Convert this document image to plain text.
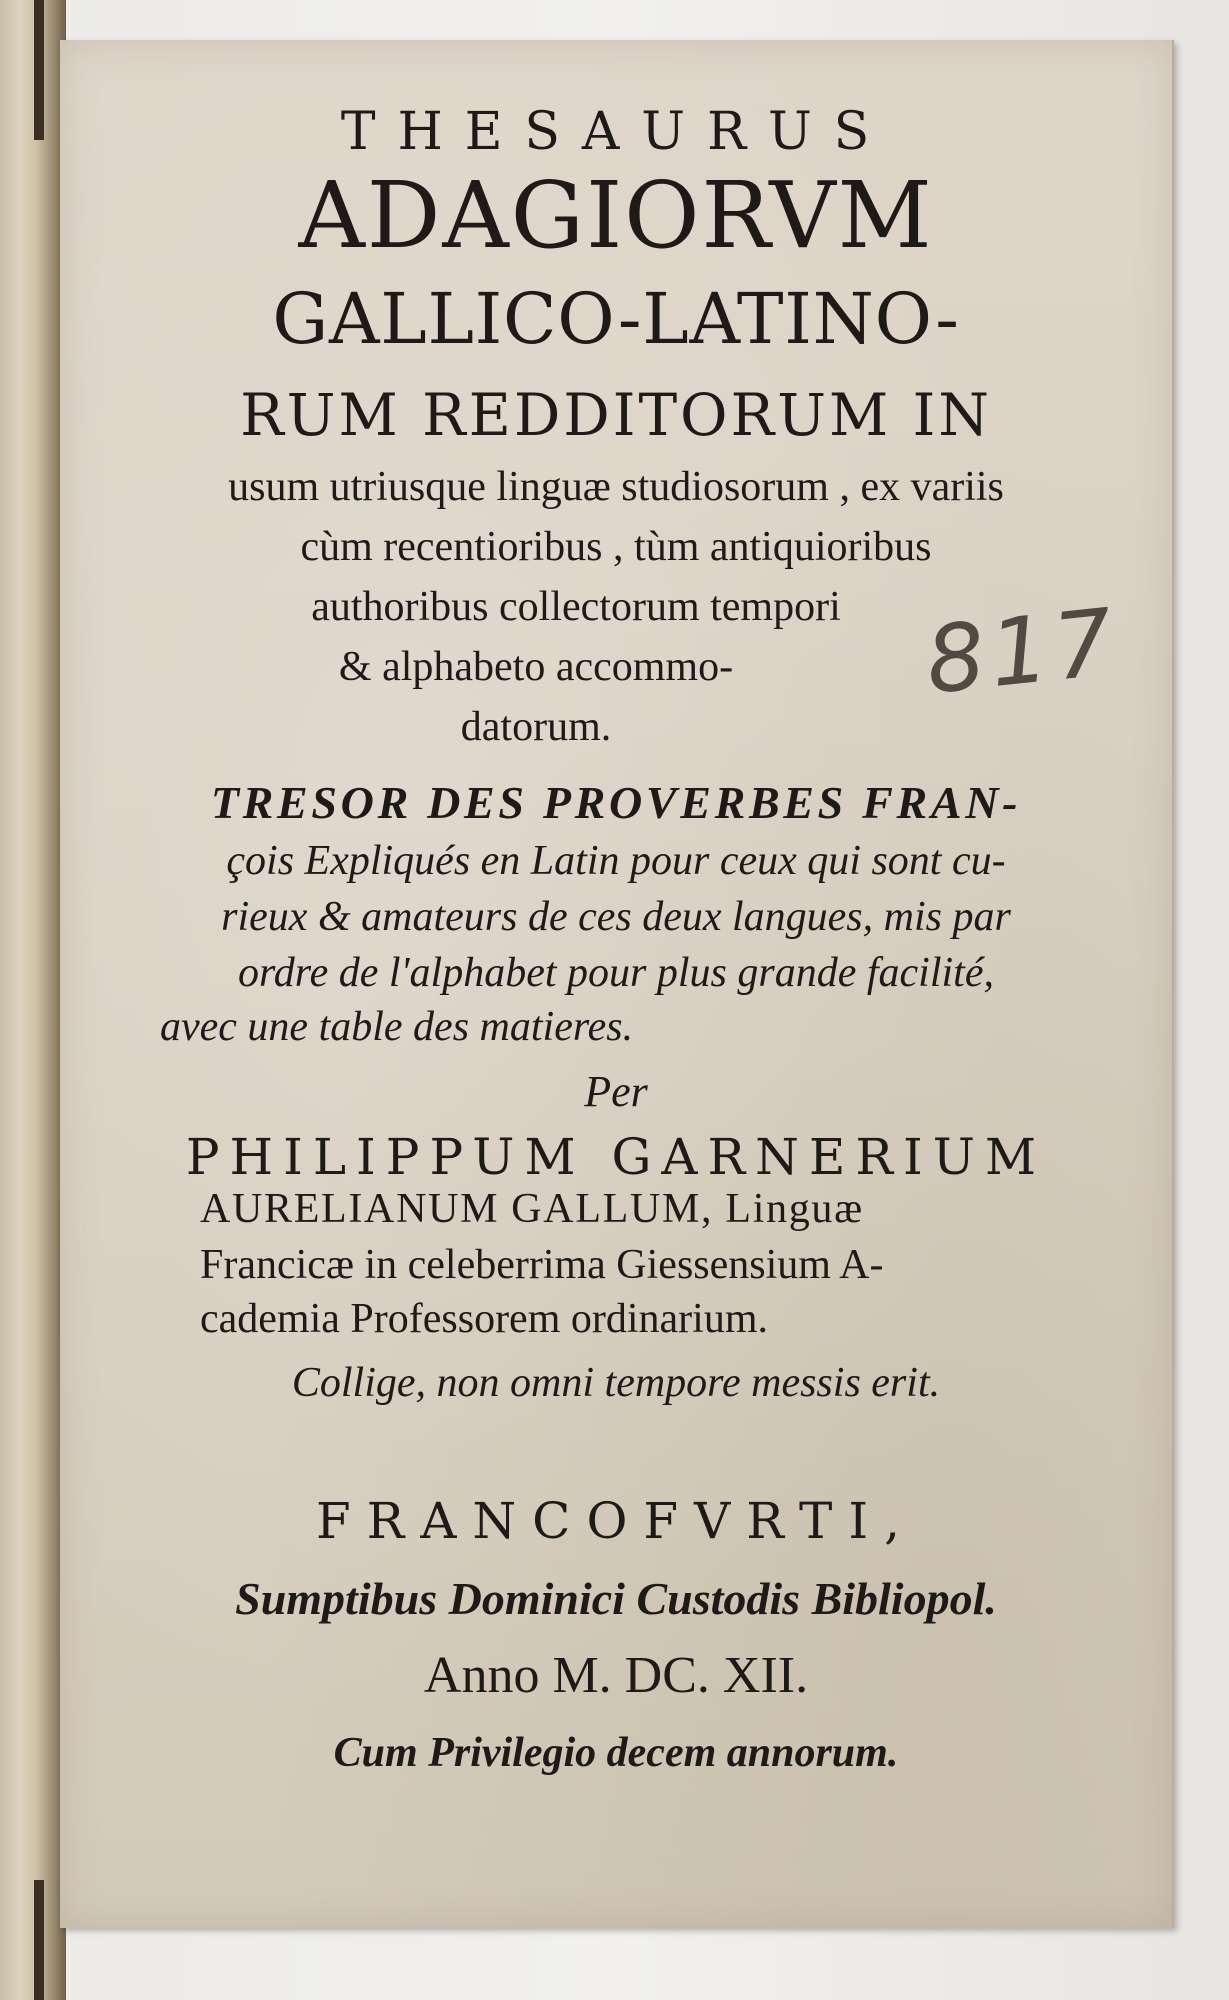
THESAURUS
ADAGIORVM
GALLICO-LATINO-
RUM REDDITORUM IN
usum utriusque linguæ studiosorum , ex variis
cùm recentioribus , tùm antiquioribus
authoribus collectorum tempori
& alphabeto accommo-
datorum.
TRESOR DES PROVERBES FRAN-
çois Expliqués en Latin pour ceux qui sont cu-
rieux & amateurs de ces deux langues, mis par
ordre de l'alphabet pour plus grande facilité,
avec une table des matieres.
Per
PHILIPPUM GARNERIUM
AURELIANUM GALLUM, Linguæ
Francicæ in celeberrima Giessensium A-
cademia Professorem ordinarium.
Collige, non omni tempore messis erit.
FRANCOFVRTI,
Sumptibus Dominici Custodis Bibliopol.
Anno M. DC. XII.
Cum Privilegio decem annorum.
817
